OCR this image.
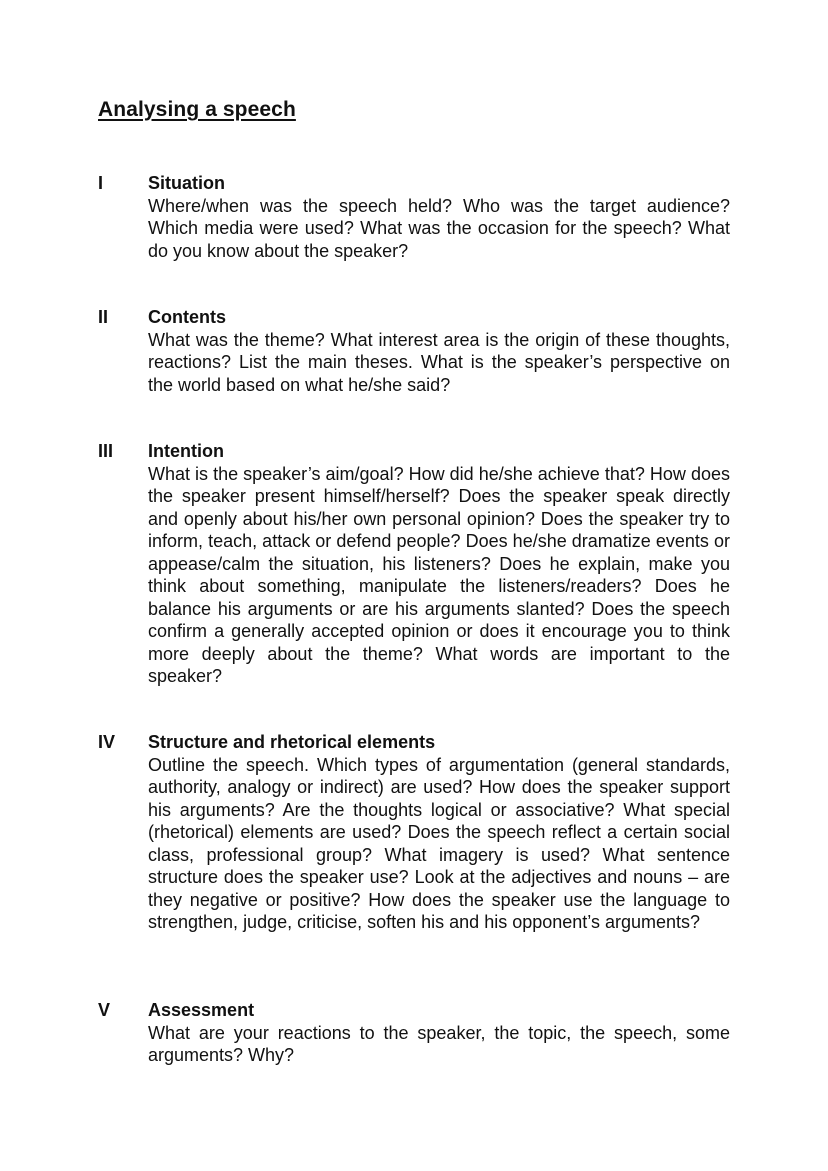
Analysing a speech
I Situation
Where/when was the speech held? Who was the target audience? Which media were used? What was the occasion for the speech? What do you know about the speaker?
II Contents
What was the theme? What interest area is the origin of these thoughts, reactions? List the main theses. What is the speaker’s perspective on the world based on what he/she said?
III Intention
What is the speaker’s aim/goal? How did he/she achieve that? How does the speaker present himself/herself? Does the speaker speak directly and openly about his/her own personal opinion? Does the speaker try to inform, teach, attack or defend people? Does he/she dramatize events or appease/calm the situation, his listeners? Does he explain, make you think about something, manipulate the listeners/readers? Does he balance his arguments or are his arguments slanted? Does the speech confirm a generally accepted opinion or does it encourage you to think more deeply about the theme? What words are important to the speaker?
IV Structure and rhetorical elements
Outline the speech. Which types of argumentation (general standards, authority, analogy or indirect) are used? How does the speaker support his arguments? Are the thoughts logical or associative? What special (rhetorical) elements are used? Does the speech reflect a certain social class, professional group? What imagery is used? What sentence structure does the speaker use? Look at the adjectives and nouns – are they negative or positive? How does the speaker use the language to strengthen, judge, criticise, soften his and his opponent’s arguments?
V Assessment
What are your reactions to the speaker, the topic, the speech, some arguments? Why?
